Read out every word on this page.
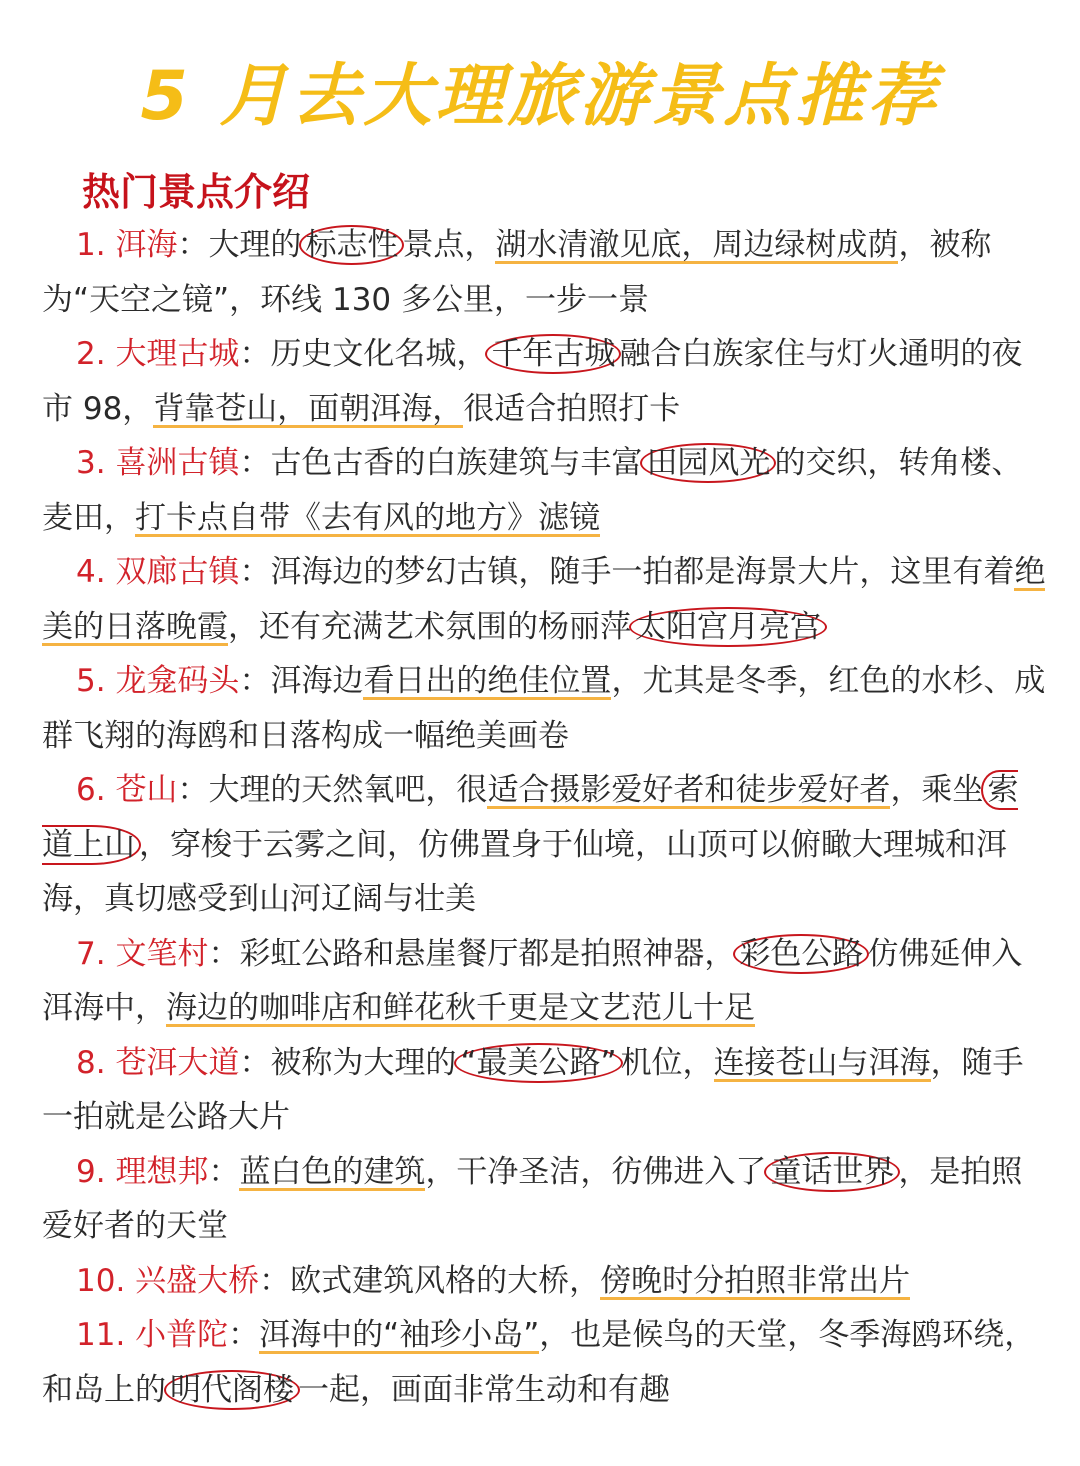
5 月去大理旅游景点推荐
热门景点介绍

1. 洱海：大理的 标志性 景点，湖水清澈见底，周边绿树成荫，被称为“天空之镜”，环线 130 多公里，一步一景

2. 大理古城：历史文化名城， 千年古城 融合白族家住与灯火通明的夜市 98，背靠苍山，面朝洱海，很适合拍照打卡

3. 喜洲古镇：古色古香的白族建筑与丰富 田园风光 的交织，转角楼、麦田，打卡点自带《去有风的地方》滤镜

4. 双廊古镇：洱海边的梦幻古镇，随手一拍都是海景大片，这里有着绝美的日落晚霞，还有充满艺术氛围的杨丽萍 太阳宫月亮宫

5. 龙龛码头：洱海边看日出的绝佳位置，尤其是冬季，红色的水杉、成群飞翔的海鸥和日落构成一幅绝美画卷

6. 苍山：大理的天然氧吧，很适合摄影爱好者和徒步爱好者，乘坐 索道上山 ，穿梭于云雾之间，仿佛置身于仙境，山顶可以俯瞰大理城和洱海，真切感受到山河辽阔与壮美

7. 文笔村：彩虹公路和悬崖餐厅都是拍照神器， 彩色公路 仿佛延伸入洱海中，海边的咖啡店和鲜花秋千更是文艺范儿十足

8. 苍洱大道：被称为大理的 “最美公路” 机位，连接苍山与洱海，随手一拍就是公路大片

9. 理想邦：蓝白色的建筑，干净圣洁，彷佛进入了 童话世界 ，是拍照爱好者的天堂

10. 兴盛大桥：欧式建筑风格的大桥，傍晚时分拍照非常出片

11. 小普陀：洱海中的“袖珍小岛”，也是候鸟的天堂，冬季海鸥环绕，和岛上的 明代阁楼 一起，画面非常生动和有趣
